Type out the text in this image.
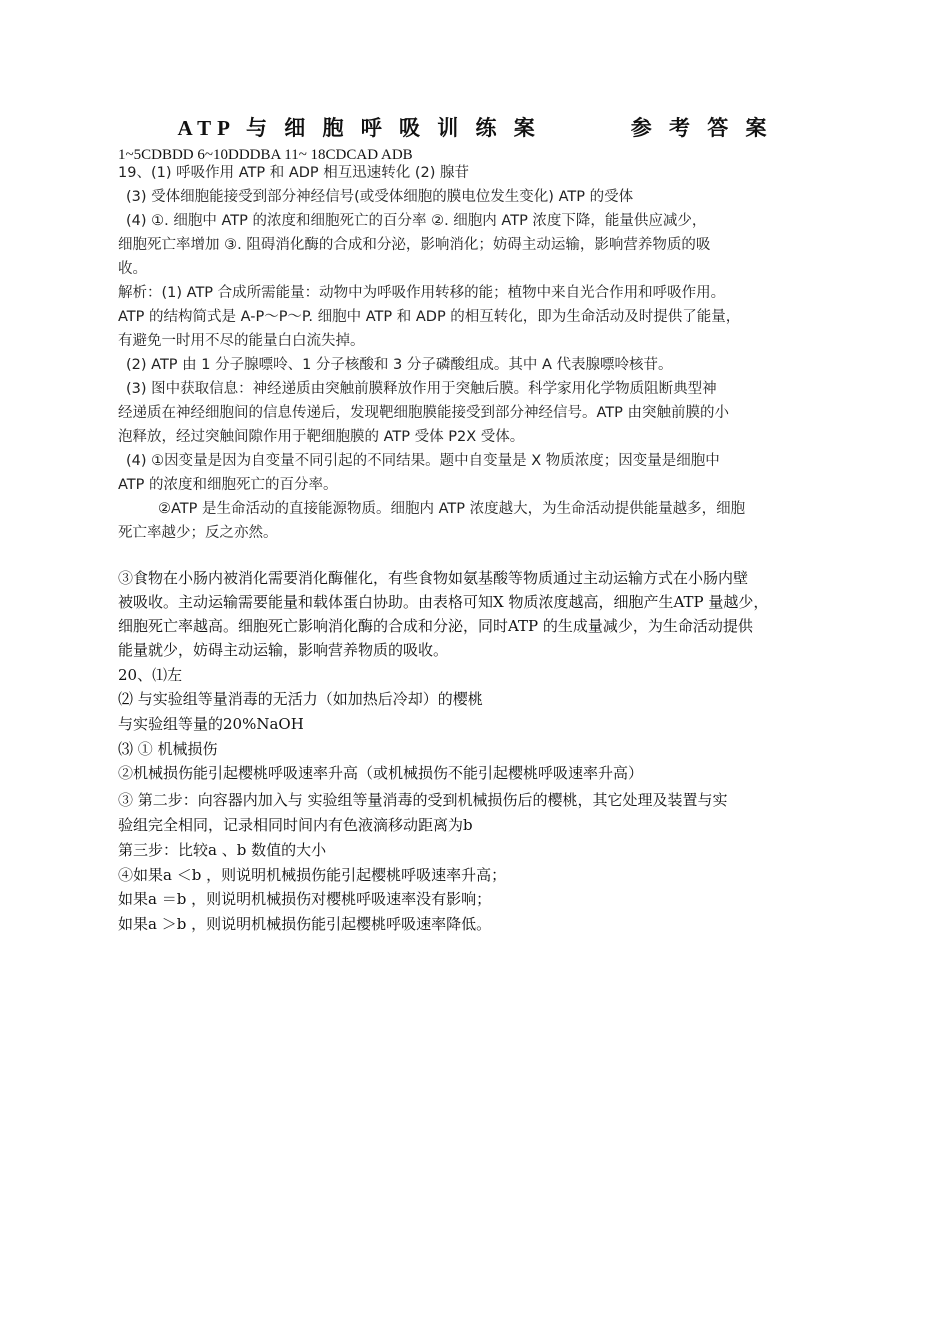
ATP 与 细 胞 呼 吸 训 练 案        参 考 答 案
1~5CDBDD 6~10DDDBA 11~ 18CDCAD ADB
19、(1) 呼吸作用 ATP 和 ADP 相互迅速转化 (2) 腺苷
(3) 受体细胞能接受到部分神经信号(或受体细胞的膜电位发生变化) ATP 的受体
(4) ①. 细胞中 ATP 的浓度和细胞死亡的百分率 ②. 细胞内 ATP 浓度下降，能量供应减少，
细胞死亡率增加 ③. 阻碍消化酶的合成和分泌，影响消化；妨碍主动运输，影响营养物质的吸
收。
解析：(1) ATP 合成所需能量：动物中为呼吸作用转移的能；植物中来自光合作用和呼吸作用。
ATP 的结构简式是 A-P～P～P. 细胞中 ATP 和 ADP 的相互转化，即为生命活动及时提供了能量，
有避免一时用不尽的能量白白流失掉。
(2) ATP 由 1 分子腺嘌呤、1 分子核酸和 3 分子磷酸组成。其中 A 代表腺嘌呤核苷。
(3) 图中获取信息：神经递质由突触前膜释放作用于突触后膜。科学家用化学物质阻断典型神
经递质在神经细胞间的信息传递后，发现靶细胞膜能接受到部分神经信号。ATP 由突触前膜的小
泡释放，经过突触间隙作用于靶细胞膜的 ATP 受体 P2X 受体。
(4) ①因变量是因为自变量不同引起的不同结果。题中自变量是 X 物质浓度；因变量是细胞中
ATP 的浓度和细胞死亡的百分率。
②ATP 是生命活动的直接能源物质。细胞内 ATP 浓度越大，为生命活动提供能量越多，细胞
死亡率越少；反之亦然。
③食物在小肠内被消化需要消化酶催化，有些食物如氨基酸等物质通过主动运输方式在小肠内壁
被吸收。主动运输需要能量和载体蛋白协助。由表格可知X 物质浓度越高，细胞产生ATP 量越少，
细胞死亡率越高。细胞死亡影响消化酶的合成和分泌，同时ATP 的生成量减少，为生命活动提供
能量就少，妨碍主动运输，影响营养物质的吸收。
20、⑴左
⑵ 与实验组等量消毒的无活力（如加热后冷却）的樱桃
与实验组等量的20%NaOH
⑶ ① 机械损伤
②机械损伤能引起樱桃呼吸速率升高（或机械损伤不能引起樱桃呼吸速率升高）
③ 第二步：向容器内加入与 实验组等量消毒的受到机械损伤后的樱桃，其它处理及装置与实
验组完全相同，记录相同时间内有色液滴移动距离为b
第三步：比较a 、b 数值的大小
④如果a ＜b ，则说明机械损伤能引起樱桃呼吸速率升高；
如果a ＝b ，则说明机械损伤对樱桃呼吸速率没有影响；
如果a ＞b ，则说明机械损伤能引起樱桃呼吸速率降低。
